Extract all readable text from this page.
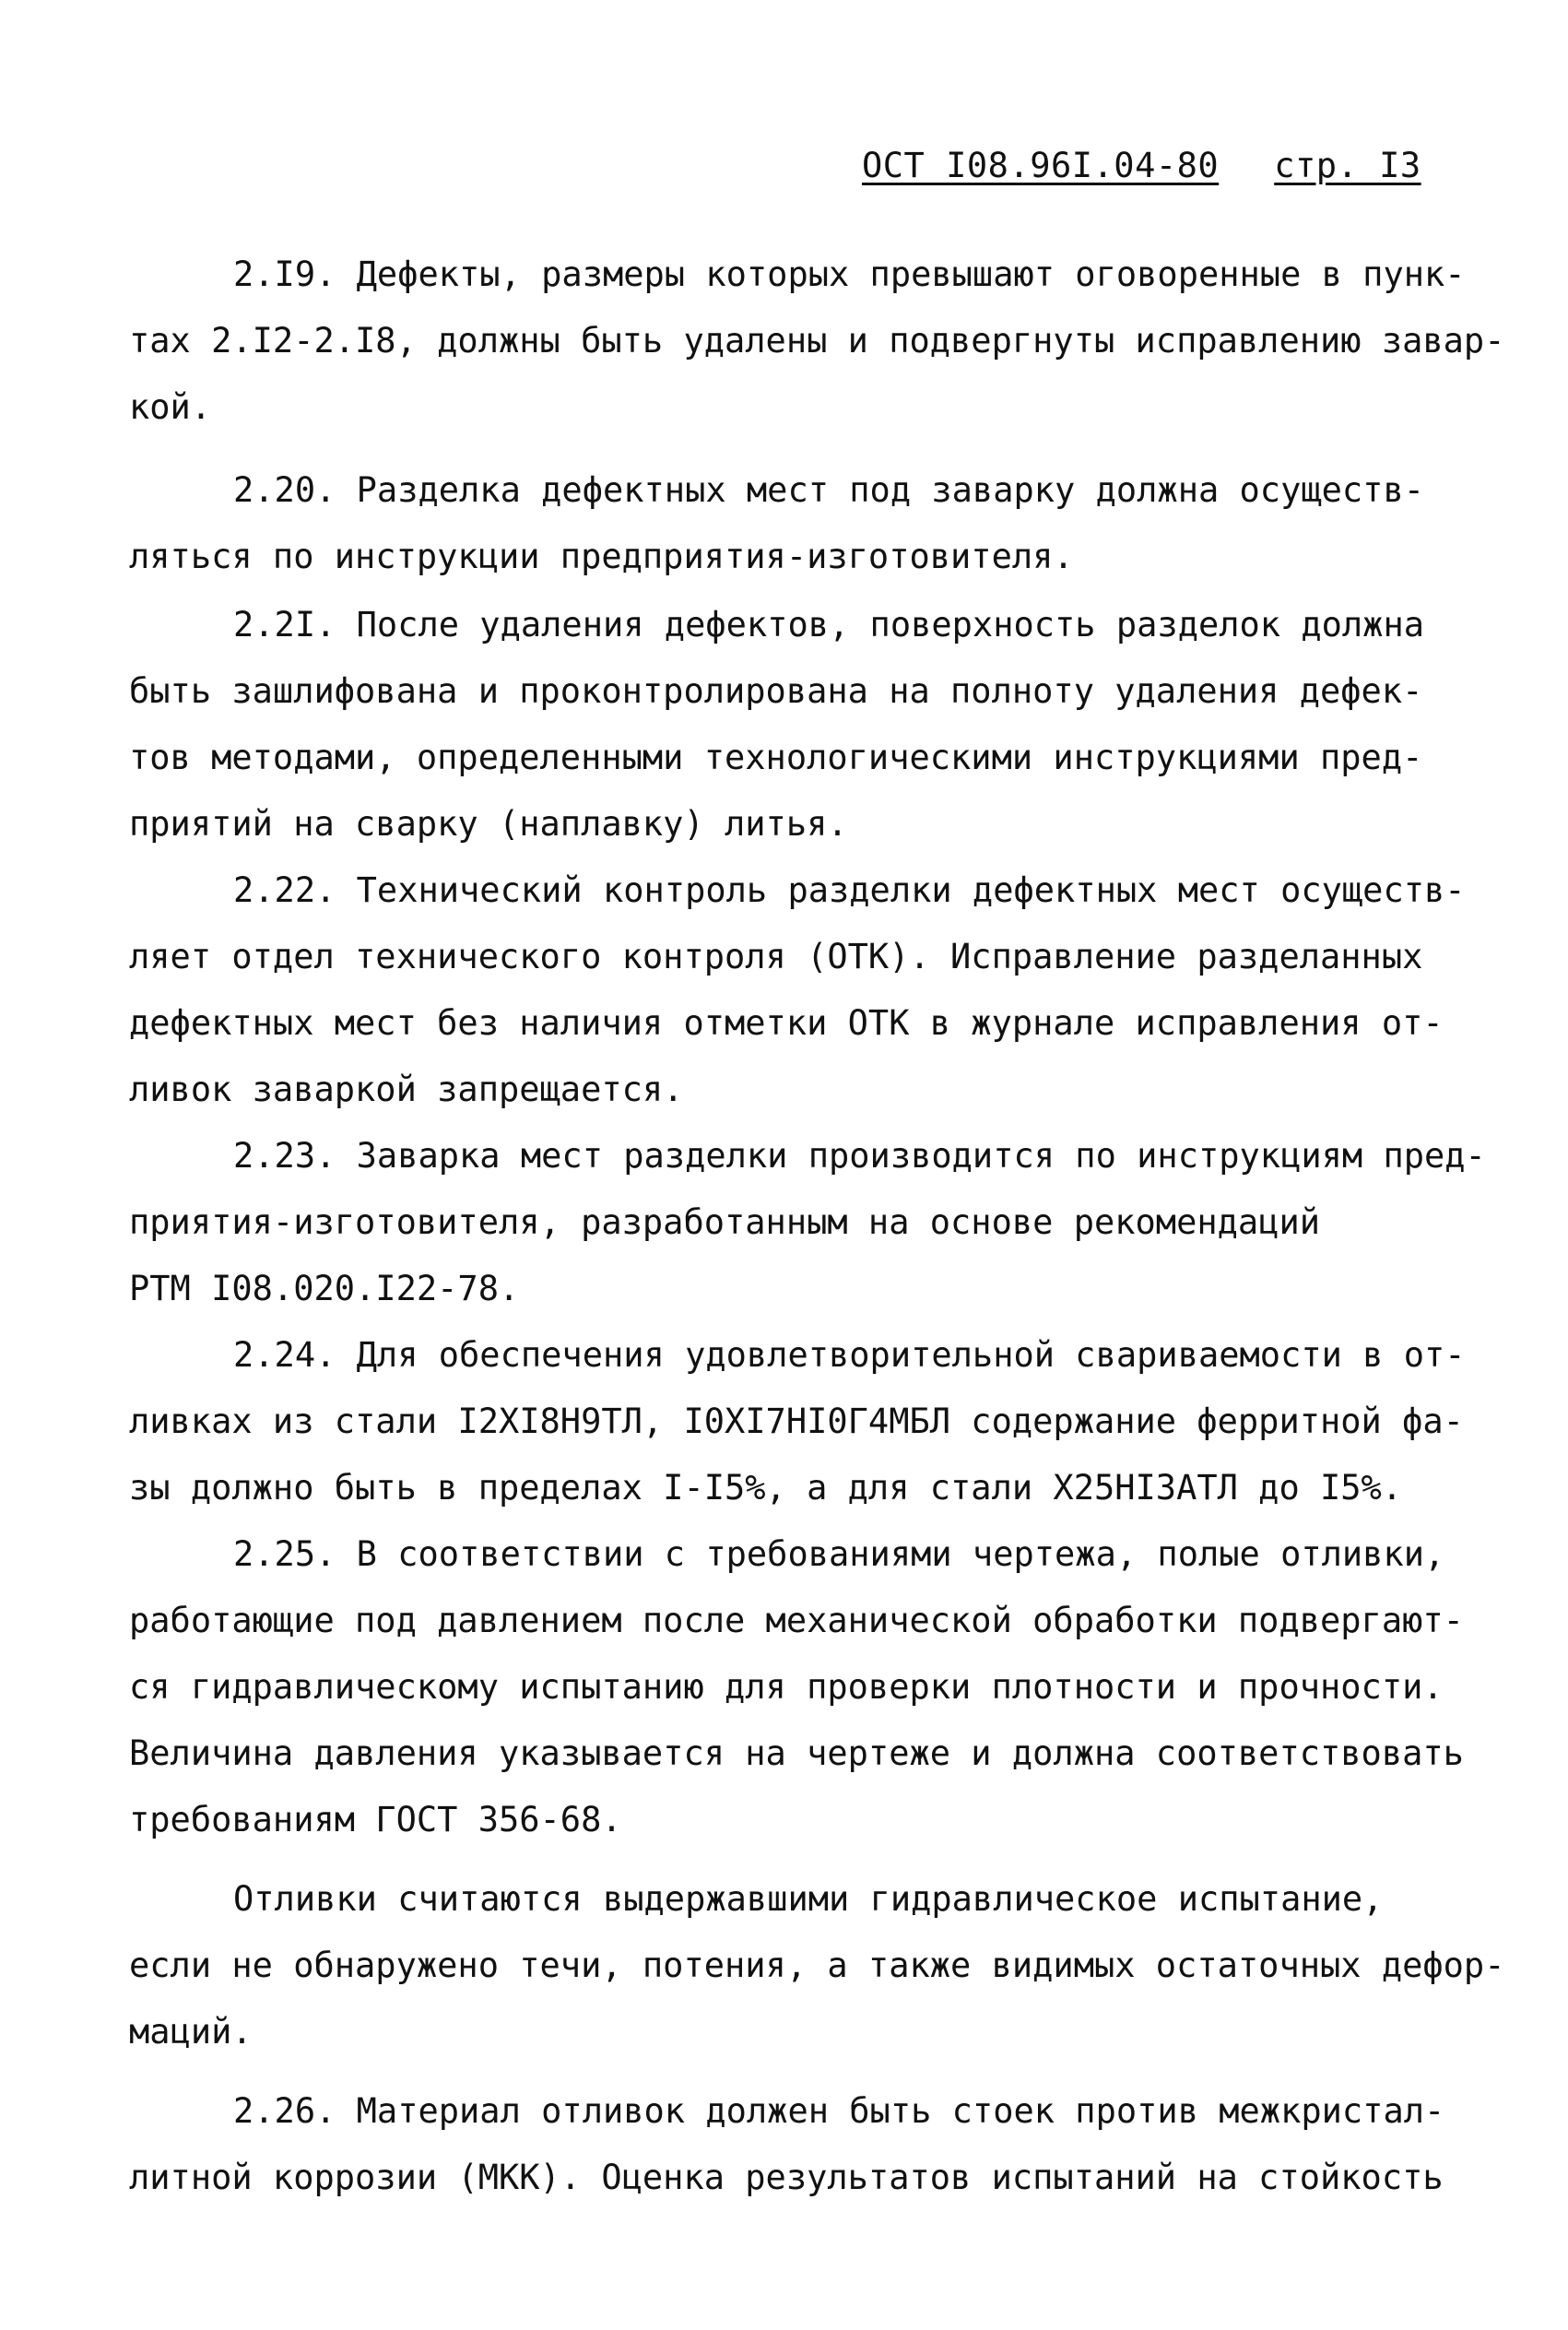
ОСТ I08.96I.04-80 стр. I3

2.I9. Дефекты, размеры которых превышают оговоренные в пунк-
тах 2.I2-2.I8, должны быть удалены и подвергнуты исправлению завар-
кой.

2.20. Разделка дефектных мест под заварку должна осуществ-
ляться по инструкции предприятия-изготовителя.

2.2I. После удаления дефектов, поверхность разделок должна
быть зашлифована и проконтролирована на полноту удаления дефек-
тов методами, определенными технологическими инструкциями пред-
приятий на сварку (наплавку) литья.

2.22. Технический контроль разделки дефектных мест осуществ-
ляет отдел технического контроля (ОТК). Исправление разделанных
дефектных мест без наличия отметки ОТК в журнале исправления от-
ливок заваркой запрещается.

2.23. Заварка мест разделки производится по инструкциям пред-
приятия-изготовителя, разработанным на основе рекомендаций
РТМ I08.020.I22-78.

2.24. Для обеспечения удовлетворительной свариваемости в от-
ливках из стали I2XI8H9TЛ, I0XI7HI0Г4МБЛ содержание ферритной фа-
зы должно быть в пределах I-I5%, а для стали Х25HI3АТЛ до I5%.

2.25. В соответствии с требованиями чертежа, полые отливки,
работающие под давлением после механической обработки подвергают-
ся гидравлическому испытанию для проверки плотности и прочности.
Величина давления указывается на чертеже и должна соответствовать
требованиям ГОСТ 356-68.

Отливки считаются выдержавшими гидравлическое испытание,
если не обнаружено течи, потения, а также видимых остаточных дефор-
маций.

2.26. Материал отливок должен быть стоек против межкристал-
литной коррозии (МКК). Оценка результатов испытаний на стойкость
